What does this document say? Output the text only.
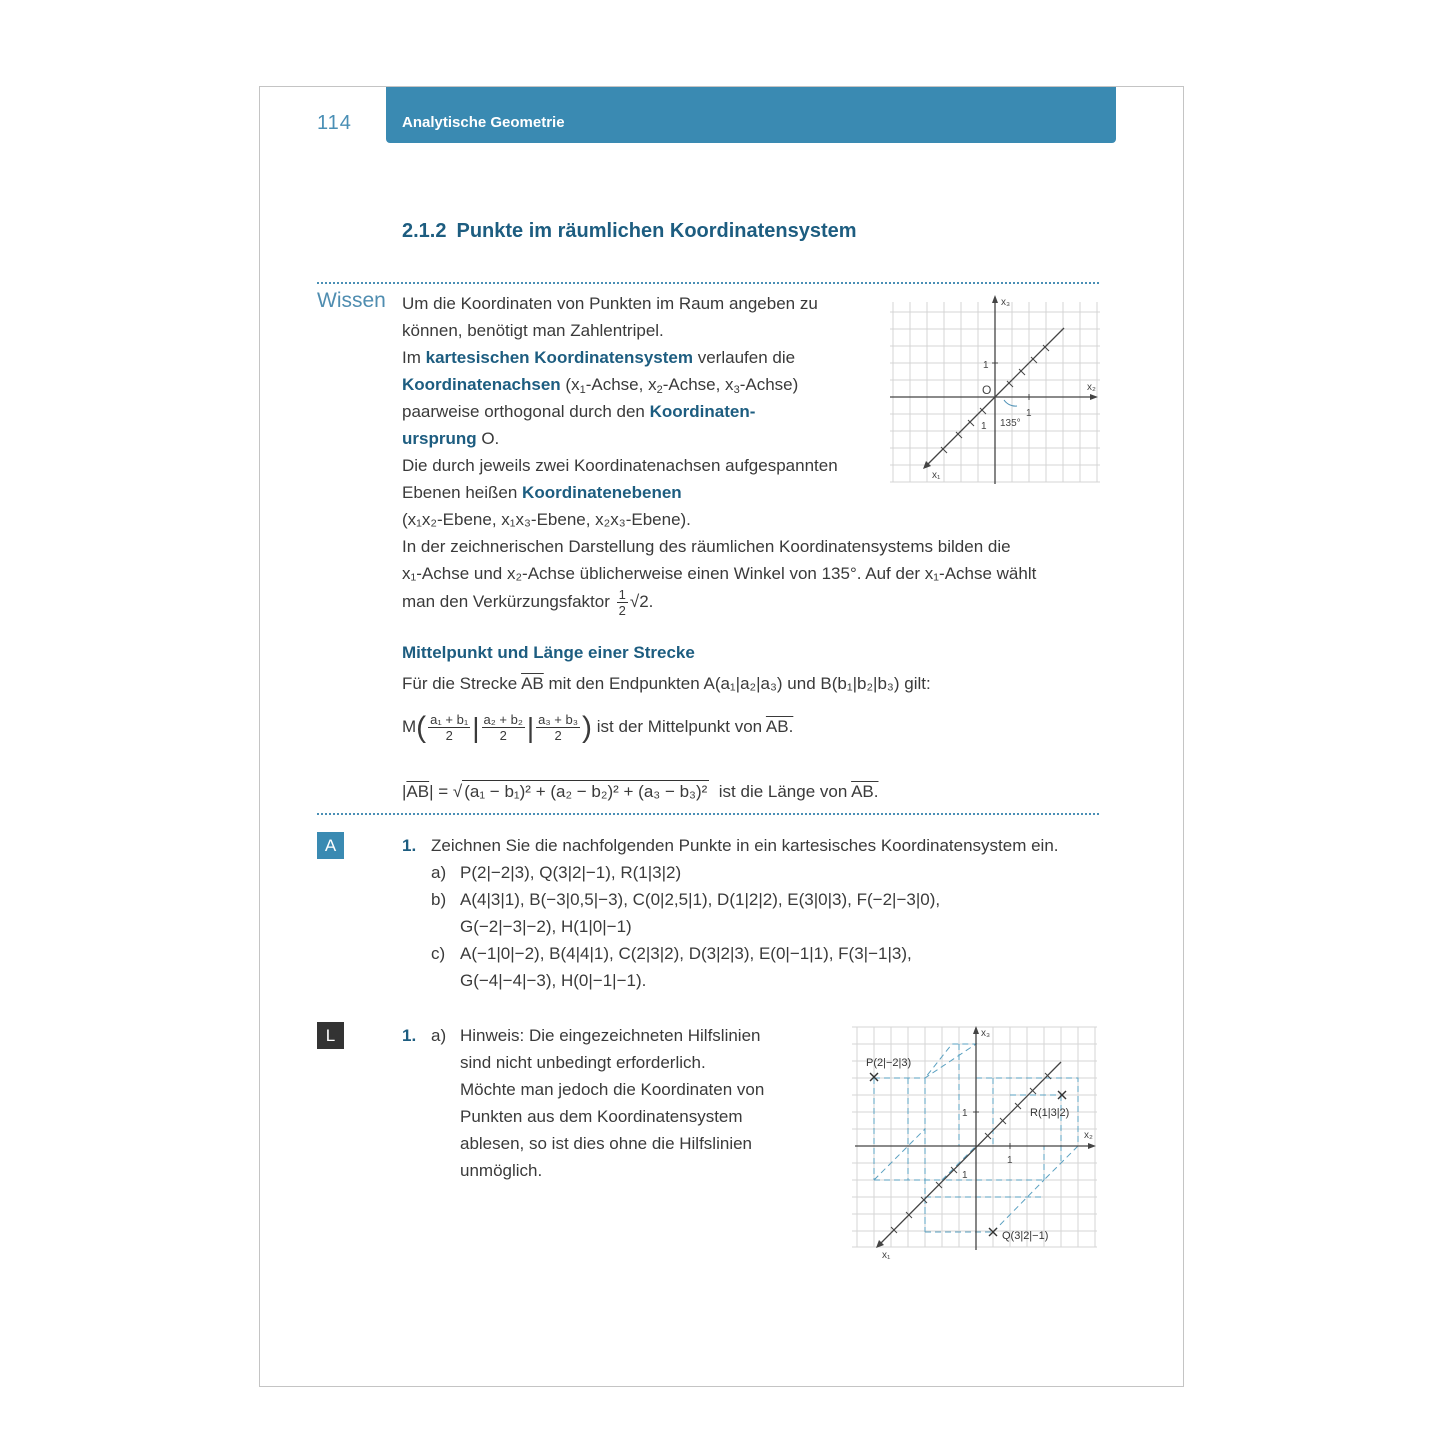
114	Analytische Geometrie
2.1.2 Punkte im räumlichen Koordinatensystem
Wissen Um die Koordinaten von Punkten im Raum angeben zu
können, benötigt man Zahlentripel.
Im kartesischen Koordinatensystem verlaufen die
Koordinatenachsen ($x_1$-Achse, $x_2$-Achse, $x_3-Achse$)
paarweise orthogonal durch den Koordinaten-
ursprung O.
Die durch jeweils zwei Koordinatenachsen aufgespannten
Ebenen heißen Koordinatenebenen
(x₁x₂-Ebene, x₁x₃-Ebene, x₂x₃-Ebene).
In der zeichnerischen Darstellung des räumlichen Koordinatensystems bilden die
x₁-Achse und x₂-Achse üblicherweise einen Winkel von 135°. Auf der x₁-Achse wählt
man den Verkürzungsfaktor $\frac{1}{2} √2$.
x₃
x₂
x₁
O
1
1
1 135°
Mittelpunkt und Länge einer Strecke
Für die Strecke $\overline{AB}$ mit den Endpunkten A(a₁|a₂|a₃) und B(b₁|b₂|b₃) gilt:
$M( \frac{\text{a₁ + b₁}}{2}$ | $\frac{\text{a₂ + b₂}}{2}$ | $\frac{\text{a₃ + b₃}}{2}$ ) ist der Mittelpunkt von AB.
$|\overline{AB}|$ = √ (a₁ − b₁)² + (a₂ − b₂)² + (a₃ − b₃)² ist die Länge von AB.
A	1. Zeichnen Sie die nachfolgenden Punkte in ein kartesisches Koordinatensystem ein.
a) P(2|−2|3), Q(3|2|−1), R(1|3|2)
b) A(4|3|1), B(−3|0,5|−3), C(0|2,5|1), D(1|2|2), E(3|0|3), F(−2|−3|0),
G(−2|−3|−2), H(1|0|−1)
c) A(−1|0|−2), B(4|4|1), C(2|3|2), D(3|2|3), E(0|−1|1), F(3|−1|3),
G(−4|−4|−3), H(0|−1|−1).
L	1. a) Hinweis: Die eingezeichneten Hilfslinien
sind nicht unbedingt erforderlich.
Möchte man jedoch die Koordinaten von
Punkten aus dem Koordinatensystem
ablesen, so ist dies ohne die Hilfslinien
unmöglich.
x₃
x₂
x₁
1
1
1
P(2|−2|3)
R(1|3|2)
Q(3|2|−1)
